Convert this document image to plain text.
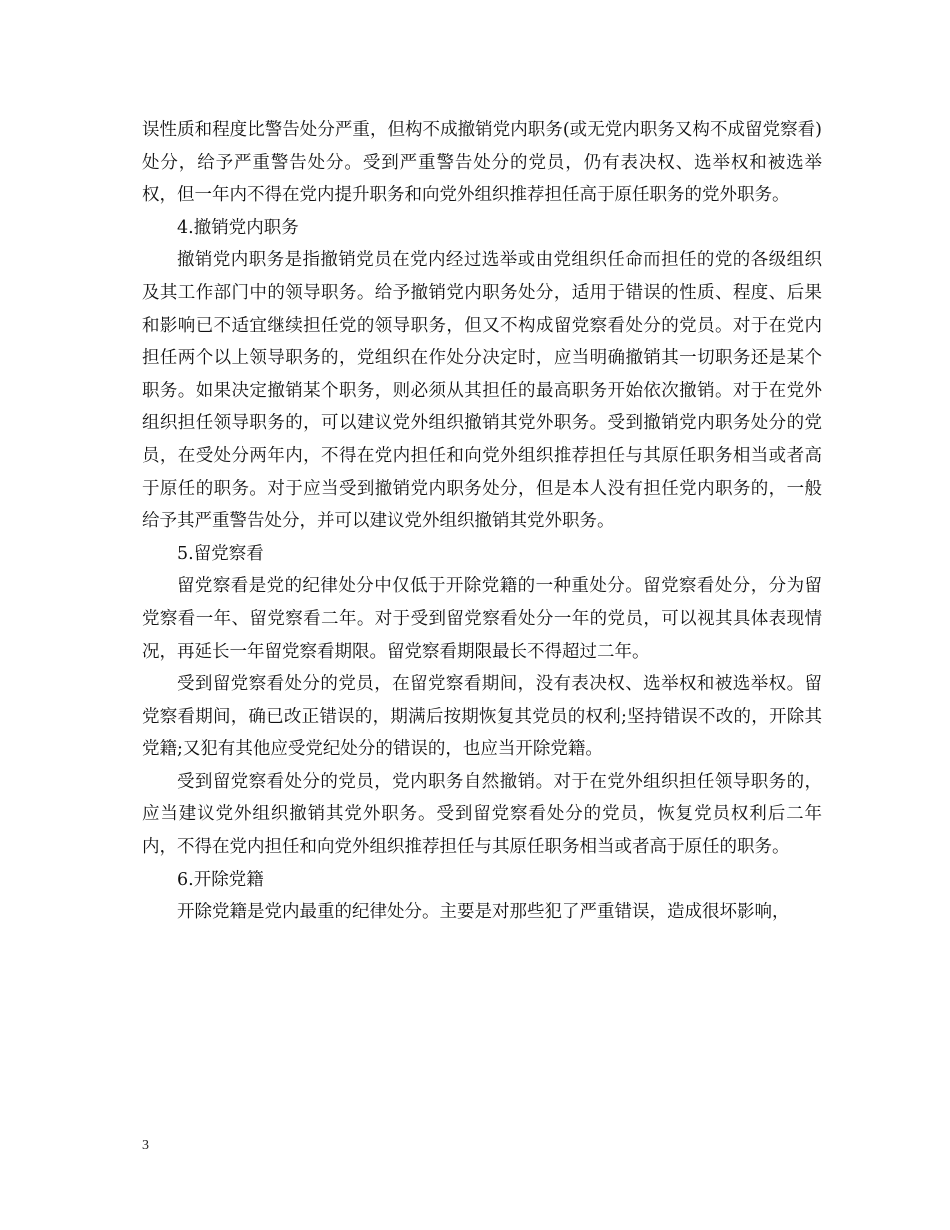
误性质和程度比警告处分严重，但构不成撤销党内职务(或无党内职务又构不成留党察看)处分，给予严重警告处分。受到严重警告处分的党员，仍有表决权、选举权和被选举权，但一年内不得在党内提升职务和向党外组织推荐担任高于原任职务的党外职务。

4.撤销党内职务

撤销党内职务是指撤销党员在党内经过选举或由党组织任命而担任的党的各级组织及其工作部门中的领导职务。给予撤销党内职务处分，适用于错误的性质、程度、后果和影响已不适宜继续担任党的领导职务，但又不构成留党察看处分的党员。对于在党内担任两个以上领导职务的，党组织在作处分决定时，应当明确撤销其一切职务还是某个职务。如果决定撤销某个职务，则必须从其担任的最高职务开始依次撤销。对于在党外组织担任领导职务的，可以建议党外组织撤销其党外职务。受到撤销党内职务处分的党员，在受处分两年内，不得在党内担任和向党外组织推荐担任与其原任职务相当或者高于原任的职务。对于应当受到撤销党内职务处分，但是本人没有担任党内职务的，一般给予其严重警告处分，并可以建议党外组织撤销其党外职务。

5.留党察看

留党察看是党的纪律处分中仅低于开除党籍的一种重处分。留党察看处分，分为留党察看一年、留党察看二年。对于受到留党察看处分一年的党员，可以视其具体表现情况，再延长一年留党察看期限。留党察看期限最长不得超过二年。

受到留党察看处分的党员，在留党察看期间，没有表决权、选举权和被选举权。留党察看期间，确已改正错误的，期满后按期恢复其党员的权利;坚持错误不改的，开除其党籍;又犯有其他应受党纪处分的错误的，也应当开除党籍。

受到留党察看处分的党员，党内职务自然撤销。对于在党外组织担任领导职务的，应当建议党外组织撤销其党外职务。受到留党察看处分的党员，恢复党员权利后二年内，不得在党内担任和向党外组织推荐担任与其原任职务相当或者高于原任的职务。

6.开除党籍

开除党籍是党内最重的纪律处分。主要是对那些犯了严重错误，造成很坏影响，

3
